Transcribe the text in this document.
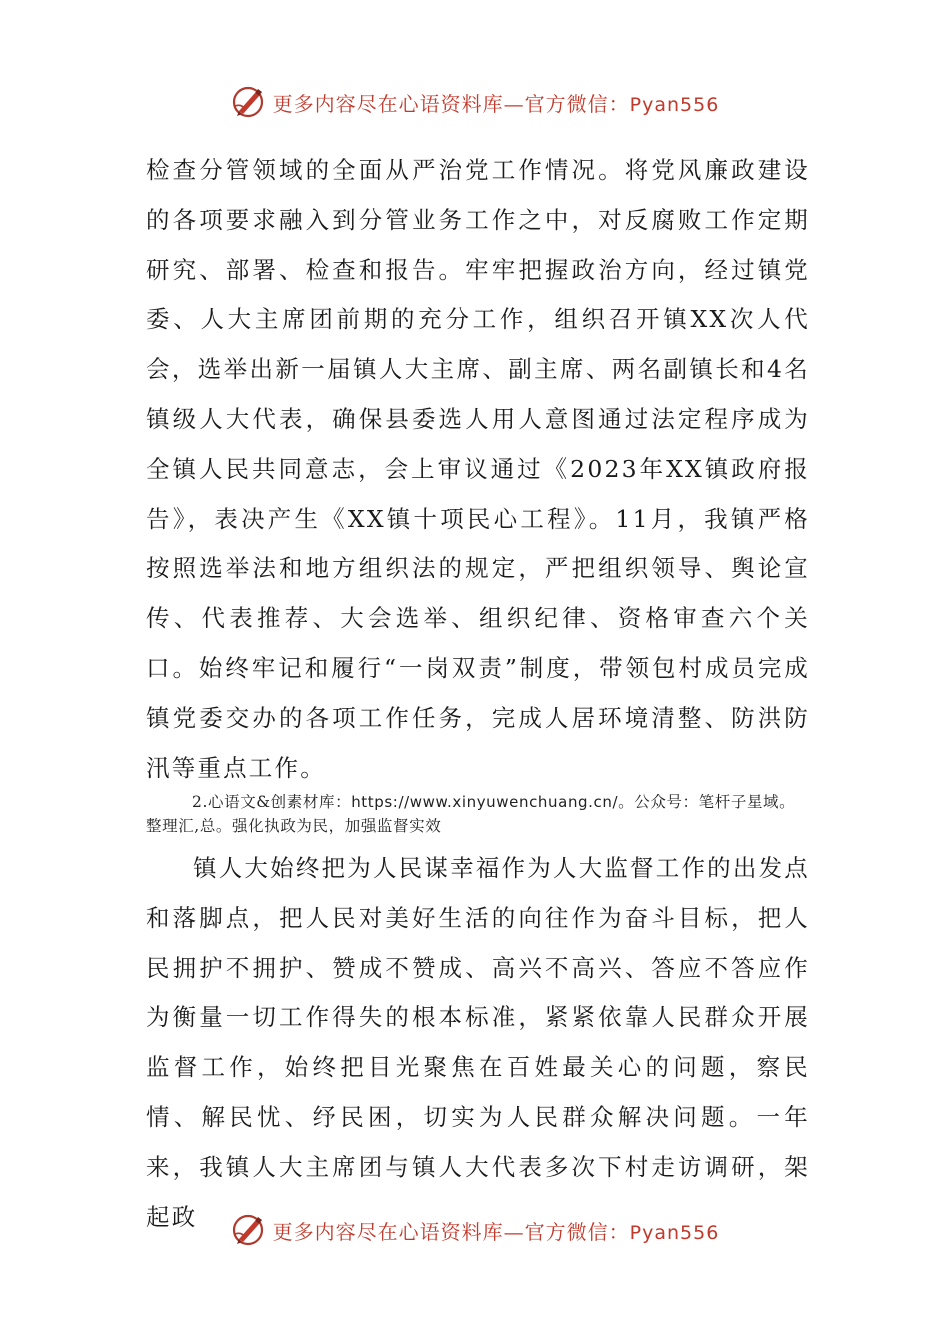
更多内容尽在心语资料库—官方微信：Pyan556

检查分管领域的全面从严治党工作情况。将党风廉政建设的各项要求融入到分管业务工作之中，对反腐败工作定期研究、部署、检查和报告。牢牢把握政治方向，经过镇党委、人大主席团前期的充分工作，组织召开镇XX次人代会，选举出新一届镇人大主席、副主席、两名副镇长和4名镇级人大代表，确保县委选人用人意图通过法定程序成为全镇人民共同意志，会上审议通过《2023年XX镇政府报告》，表决产生《XX镇十项民心工程》。11月，我镇严格按照选举法和地方组织法的规定，严把组织领导、舆论宣传、代表推荐、大会选举、组织纪律、资格审查六个关口。始终牢记和履行“一岗双责”制度，带领包村成员完成镇党委交办的各项工作任务，完成人居环境清整、防洪防汛等重点工作。

2.心语文&创素材库：https://www.xinyuwenchuang.cn/。公众号：笔杆子星域。整理汇,总。强化执政为民，加强监督实效

镇人大始终把为人民谋幸福作为人大监督工作的出发点和落脚点，把人民对美好生活的向往作为奋斗目标，把人民拥护不拥护、赞成不赞成、高兴不高兴、答应不答应作为衡量一切工作得失的根本标准，紧紧依靠人民群众开展监督工作，始终把目光聚焦在百姓最关心的问题，察民情、解民忧、纾民困，切实为人民群众解决问题。一年来，我镇人大主席团与镇人大代表多次下村走访调研，架起政

更多内容尽在心语资料库—官方微信：Pyan556
